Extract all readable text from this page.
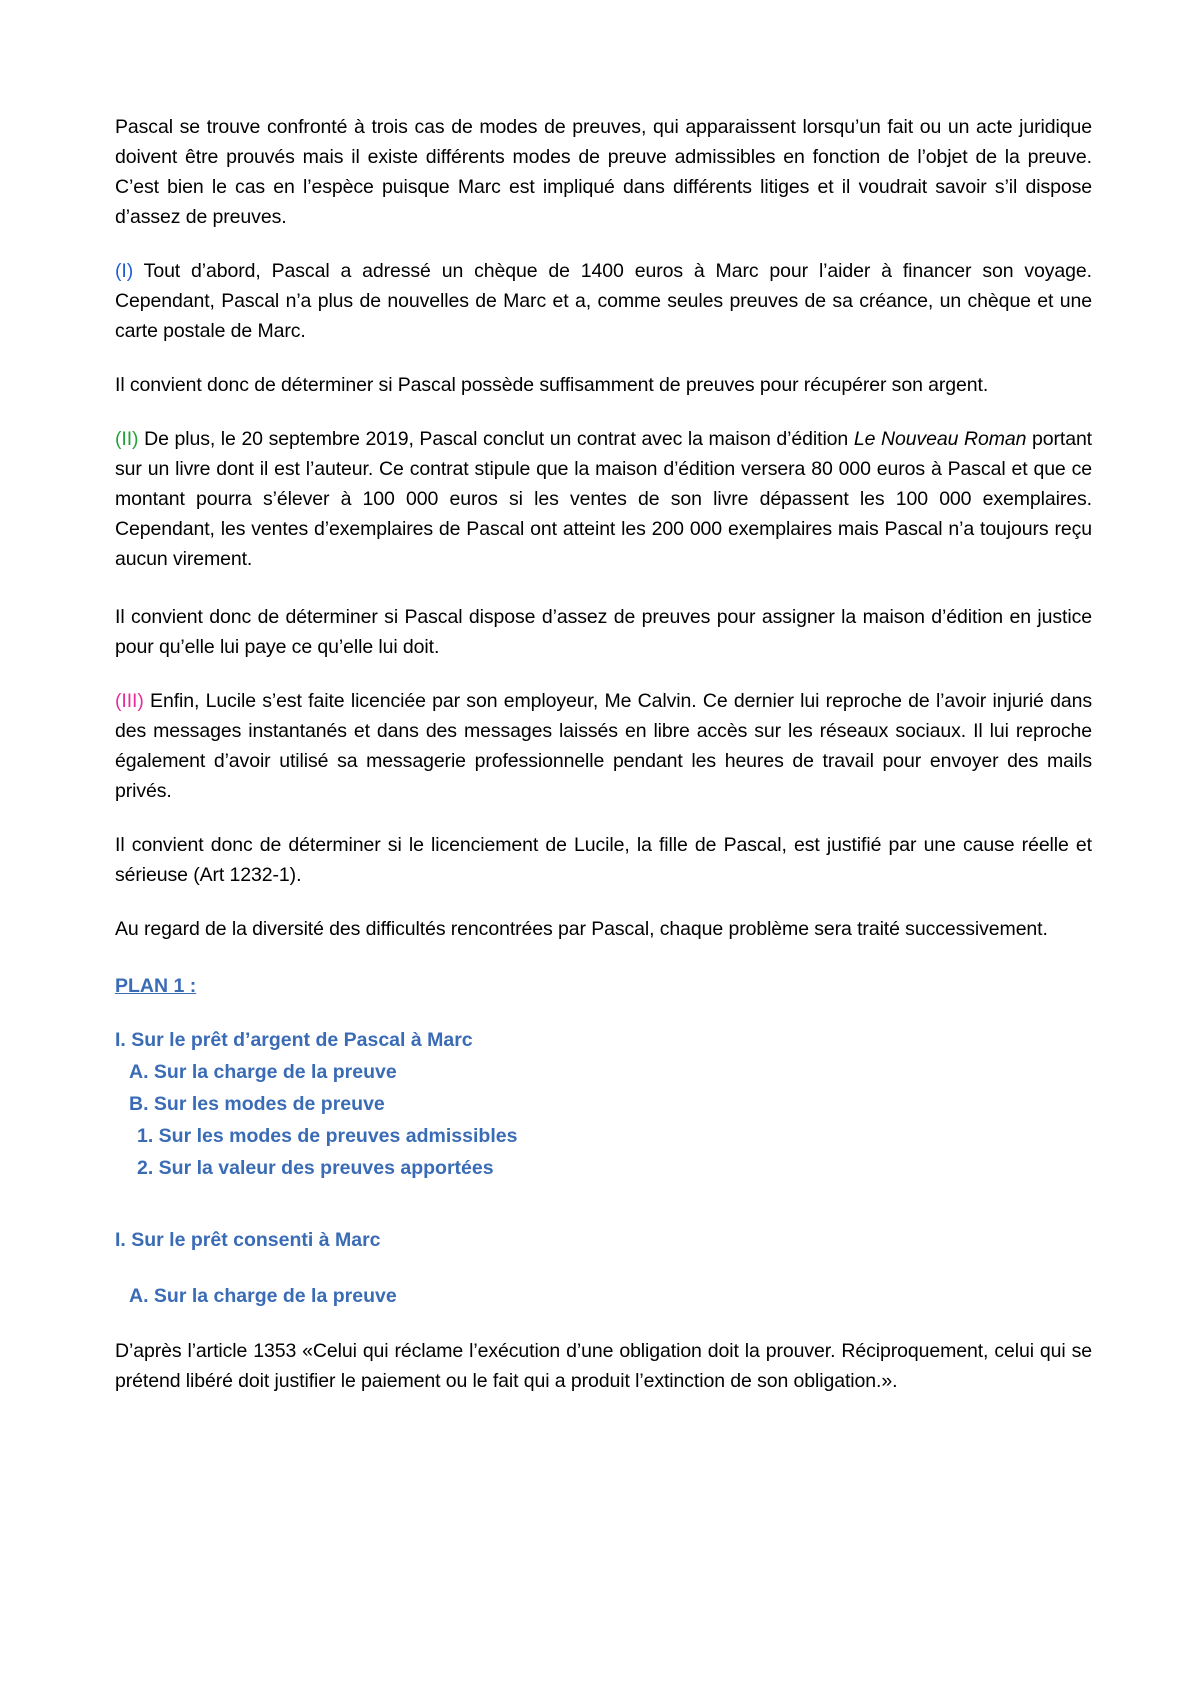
Pascal se trouve confronté à trois cas de modes de preuves, qui apparaissent lorsqu’un fait ou un acte juridique doivent être prouvés mais il existe différents modes de preuve admissibles en fonction de l’objet de la preuve. C’est bien le cas en l’espèce puisque Marc est impliqué dans différents litiges et il voudrait savoir s’il dispose d’assez de preuves.

(I) Tout d’abord, Pascal a adressé un chèque de 1400 euros à Marc pour l’aider à financer son voyage. Cependant, Pascal n’a plus de nouvelles de Marc et a, comme seules preuves de sa créance, un chèque et une carte postale de Marc.

Il convient donc de déterminer si Pascal possède suffisamment de preuves pour récupérer son argent.

(II) De plus, le 20 septembre 2019, Pascal conclut un contrat avec la maison d’édition Le Nouveau Roman portant sur un livre dont il est l’auteur. Ce contrat stipule que la maison d’édition versera 80 000 euros à Pascal et que ce montant pourra s’élever à 100 000 euros si les ventes de son livre dépassent les 100 000 exemplaires. Cependant, les ventes d’exemplaires de Pascal ont atteint les 200 000 exemplaires mais Pascal n’a toujours reçu aucun virement.

Il convient donc de déterminer si Pascal dispose d’assez de preuves pour assigner la maison d’édition en justice pour qu’elle lui paye ce qu’elle lui doit.

(III) Enfin, Lucile s’est faite licenciée par son employeur, Me Calvin. Ce dernier lui reproche de l’avoir injurié dans des messages instantanés et dans des messages laissés en libre accès sur les réseaux sociaux. Il lui reproche également d’avoir utilisé sa messagerie professionnelle pendant les heures de travail pour envoyer des mails privés.

Il convient donc de déterminer si le licenciement de Lucile, la fille de Pascal, est justifié par une cause réelle et sérieuse (Art 1232-1).

Au regard de la diversité des difficultés rencontrées par Pascal, chaque problème sera traité successivement.

PLAN 1 :

I. Sur le prêt d’argent de Pascal à Marc

A. Sur la charge de la preuve

B. Sur les modes de preuve

1. Sur les modes de preuves admissibles

2. Sur la valeur des preuves apportées

I. Sur le prêt consenti à Marc

A. Sur la charge de la preuve

D’après l’article 1353 «Celui qui réclame l’exécution d’une obligation doit la prouver. Réciproquement, celui qui se prétend libéré doit justifier le paiement ou le fait qui a produit l’extinction de son obligation.».
